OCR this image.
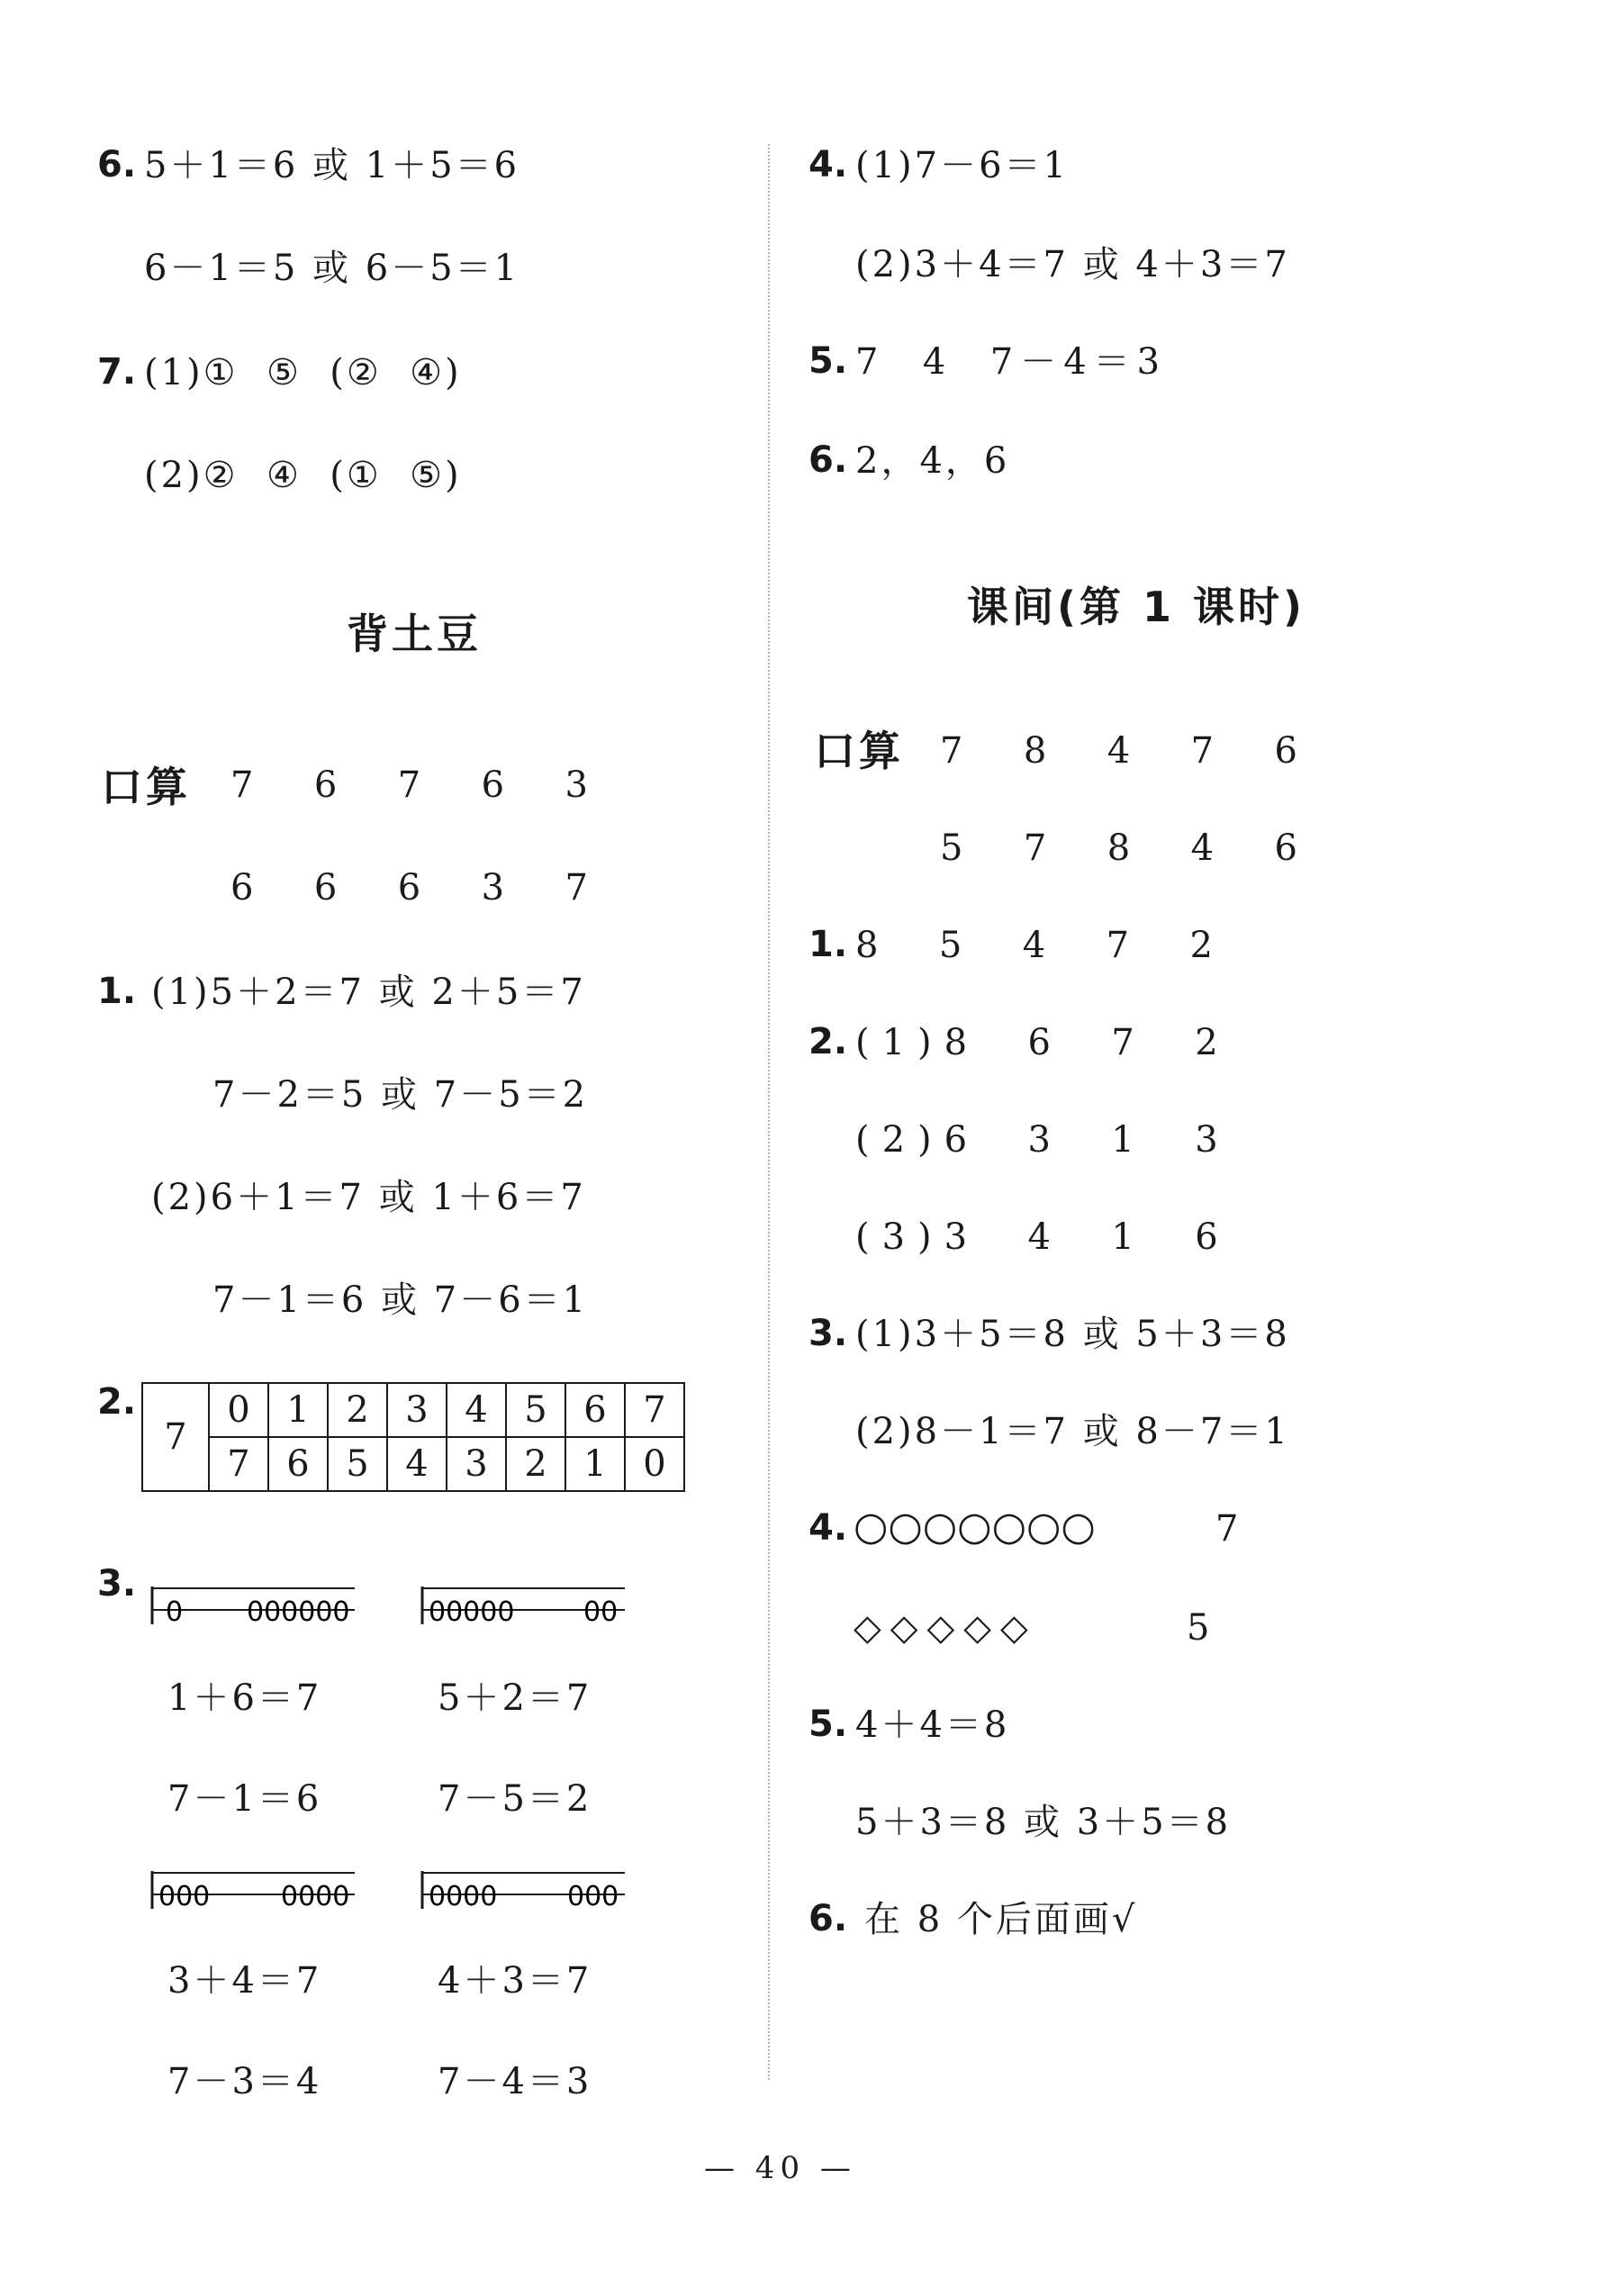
6. 5＋1＝6 或 1＋5＝6
6－1＝5 或 6－5＝1
7. (1)①  ⑤  (②  ④)
(2)②  ④  (①  ⑤)
背土豆
口算 7  6  7  6  3
6  6  6  3  7
1. (1)5＋2＝7 或 2＋5＝7
7－2＝5 或 7－5＝2
(2)6＋1＝7 或 1＋6＝7
7－1＝6 或 7－6＝1
2.
7	0	1	2	3	4	5	6	7
	7	6	5	4	3	2	1	0
3.
0 000000	00000	00
1＋6＝7	5＋2＝7
7－1＝6	7－5＝2
000	0000	0000	000
3＋4＝7	4＋3＝7
7－3＝4	7－4＝3
4. (1)7－6＝1
(2)3＋4＝7 或 4＋3＝7
5. 7  4  7－4＝3
6. 2，4，6
课间(第 1 课时)
口算 7  8  4  7  6
5  7  8  4  6
1. 8  5  4  7  2
2. (1)8  6  7  2
(2)6  3  1  3
(3)3  4  1  6
3. (1)3＋5＝8 或 5＋3＝8
(2)8－1＝7 或 8－7＝1
4. ○○○○○○○	7
◇◇◇◇◇	5
5. 4＋4＝8
5＋3＝8 或 3＋5＝8
6. 在 8 个后面画√
— 40 —
